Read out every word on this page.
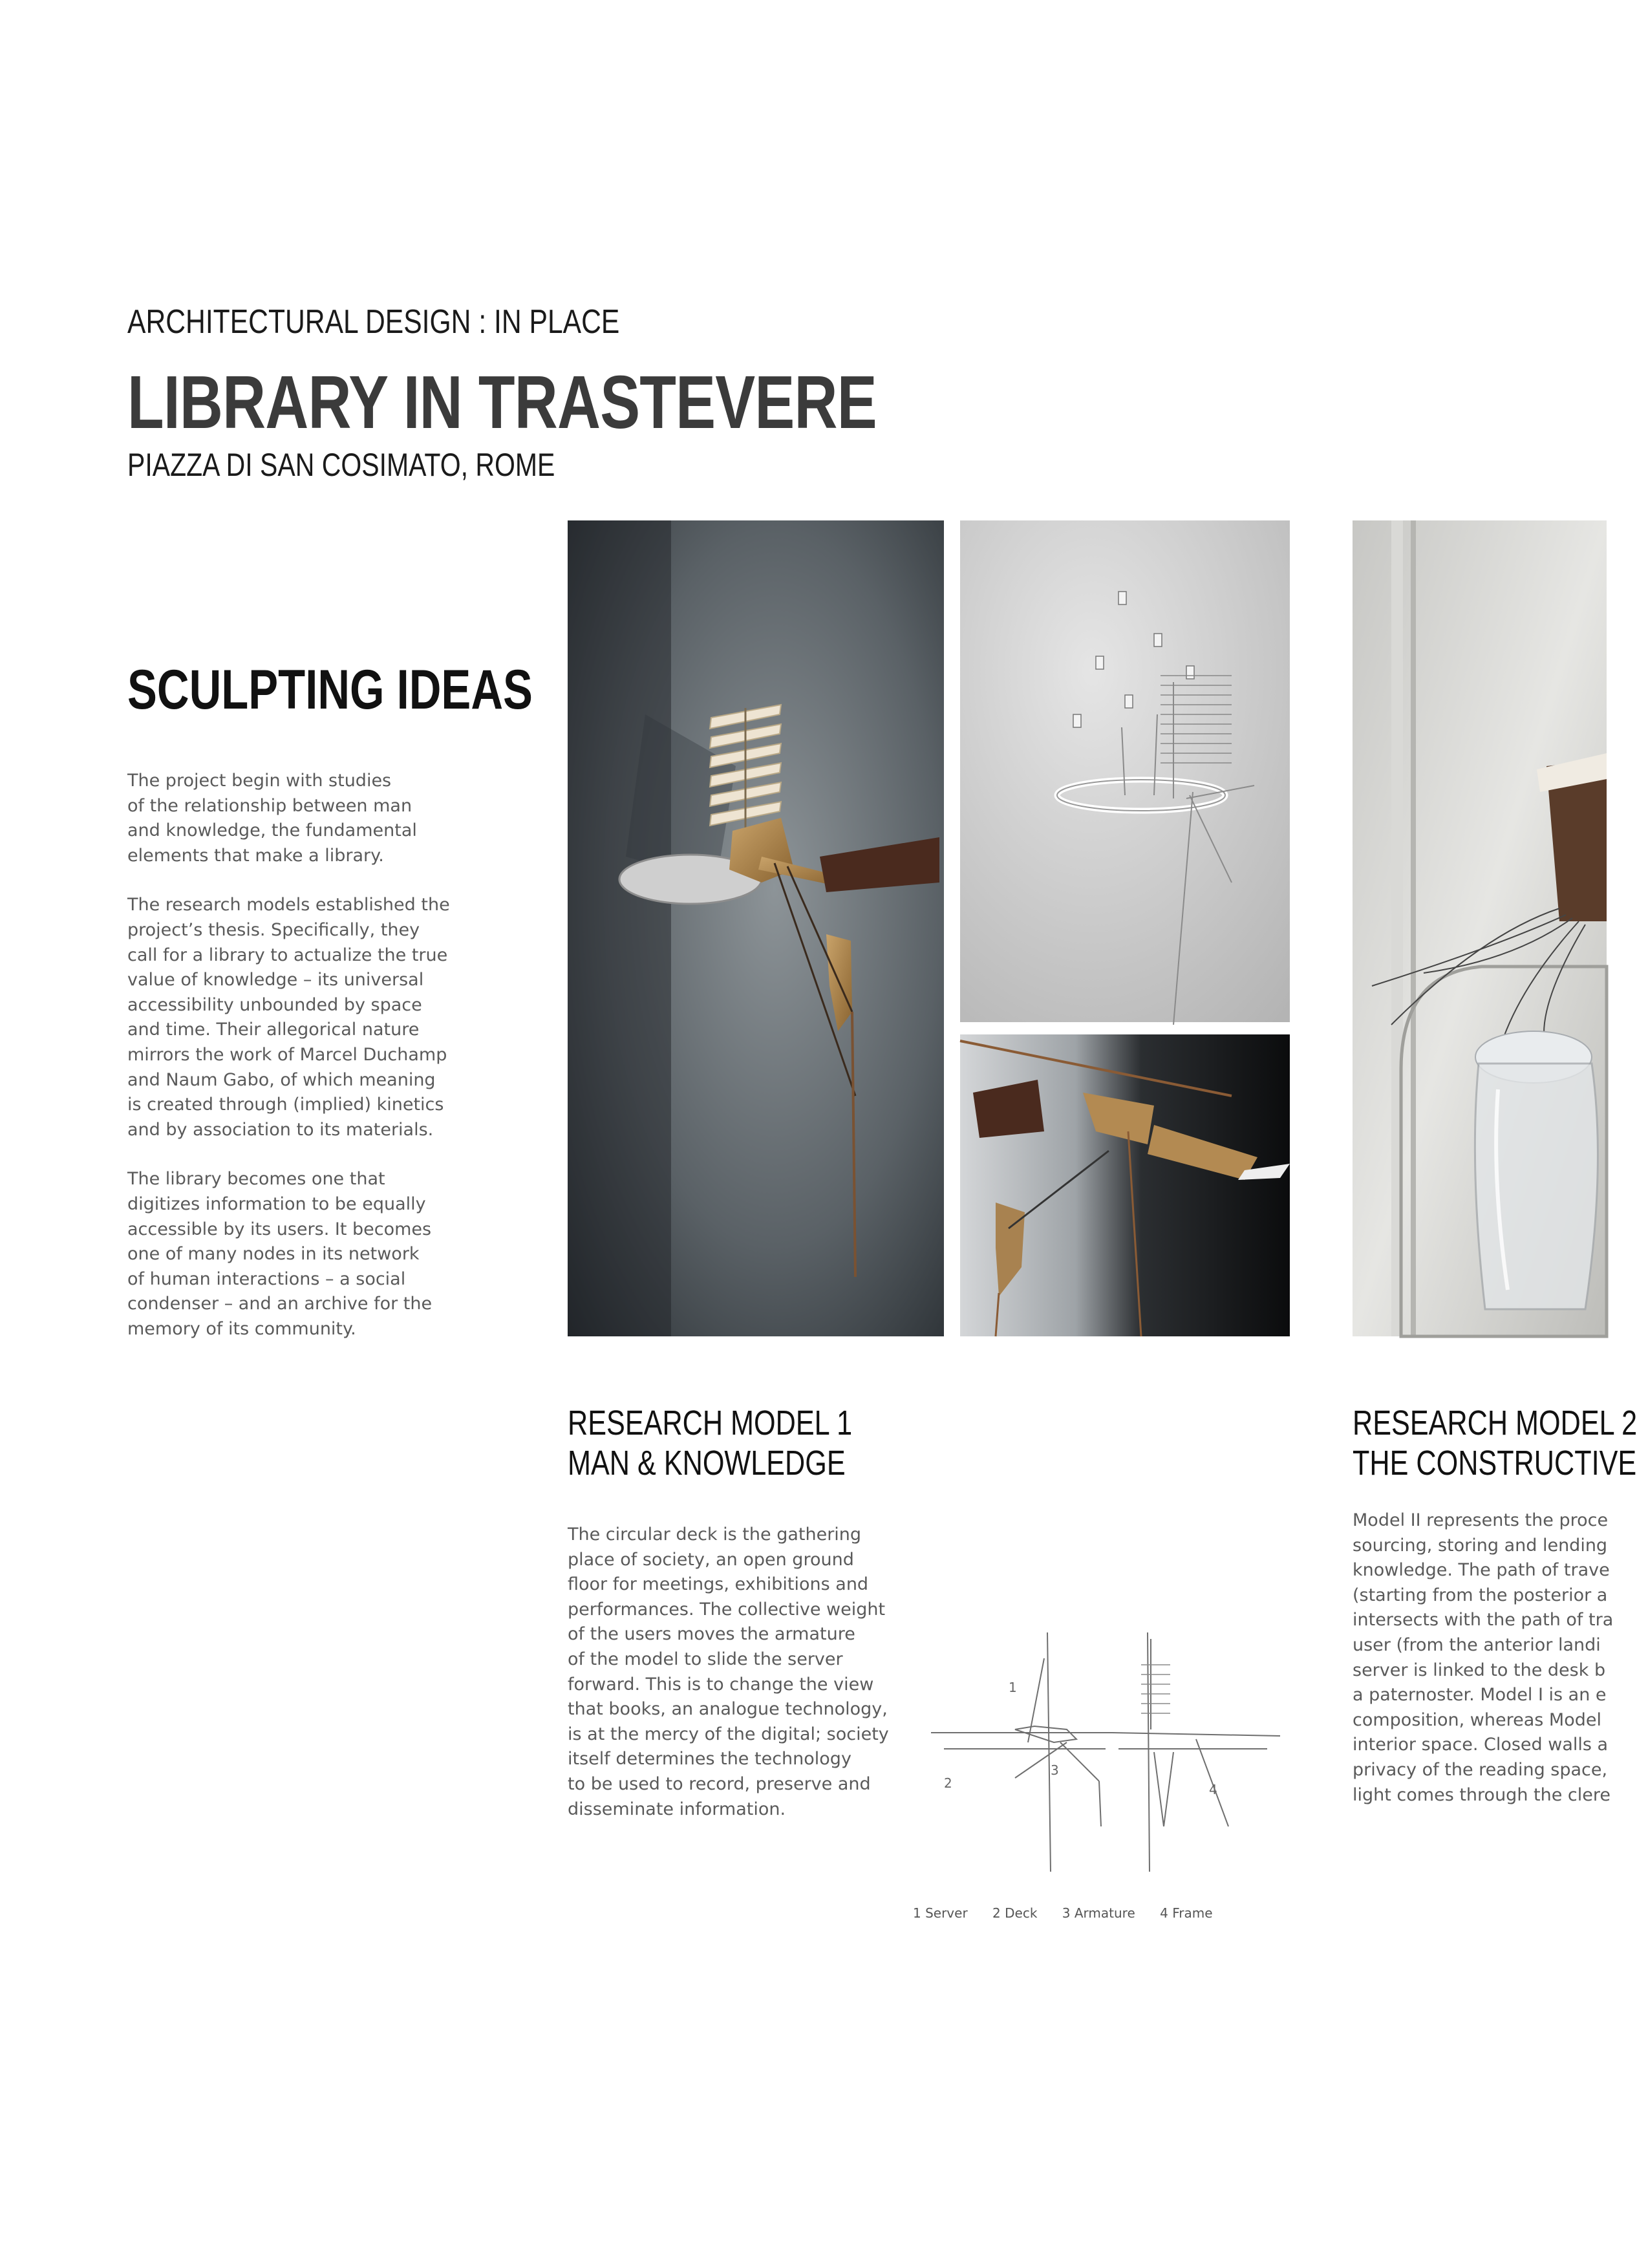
ARCHITECTURAL DESIGN : IN PLACE
LIBRARY IN TRASTEVERE
PIAZZA DI SAN COSIMATO, ROME
SCULPTING IDEAS
The project begin with studies
of the relationship between man
and knowledge, the fundamental
elements that make a library.
The research models established the
project’s thesis. Specifically, they
call for a library to actualize the true
value of knowledge – its universal
accessibility unbounded by space
and time. Their allegorical nature
mirrors the work of Marcel Duchamp
and Naum Gabo, of which meaning
is created through (implied) kinetics
and by association to its materials.
The library becomes one that
digitizes information to be equally
accessible by its users. It becomes
one of many nodes in its network
of human interactions – a social
condenser – and an archive for the
memory of its community.
RESEARCH MODEL 1
MAN & KNOWLEDGE
The circular deck is the gathering
place of society, an open ground
floor for meetings, exhibitions and
performances. The collective weight
of the users moves the armature
of the model to slide the server
forward. This is to change the view
that books, an analogue technology,
is at the mercy of the digital; society
itself determines the technology
to be used to record, preserve and
disseminate information.
1
2
3
4
1 Server 2 Deck 3 Armature 4 Frame
RESEARCH MODEL 2
THE CONSTRUCTIVE
Model II represents the proce
sourcing, storing and lending
knowledge. The path of trave
(starting from the posterior a
intersects with the path of tra
user (from the anterior landi
server is linked to the desk b
a paternoster. Model I is an e
composition, whereas Model
interior space. Closed walls a
privacy of the reading space,
light comes through the clere
